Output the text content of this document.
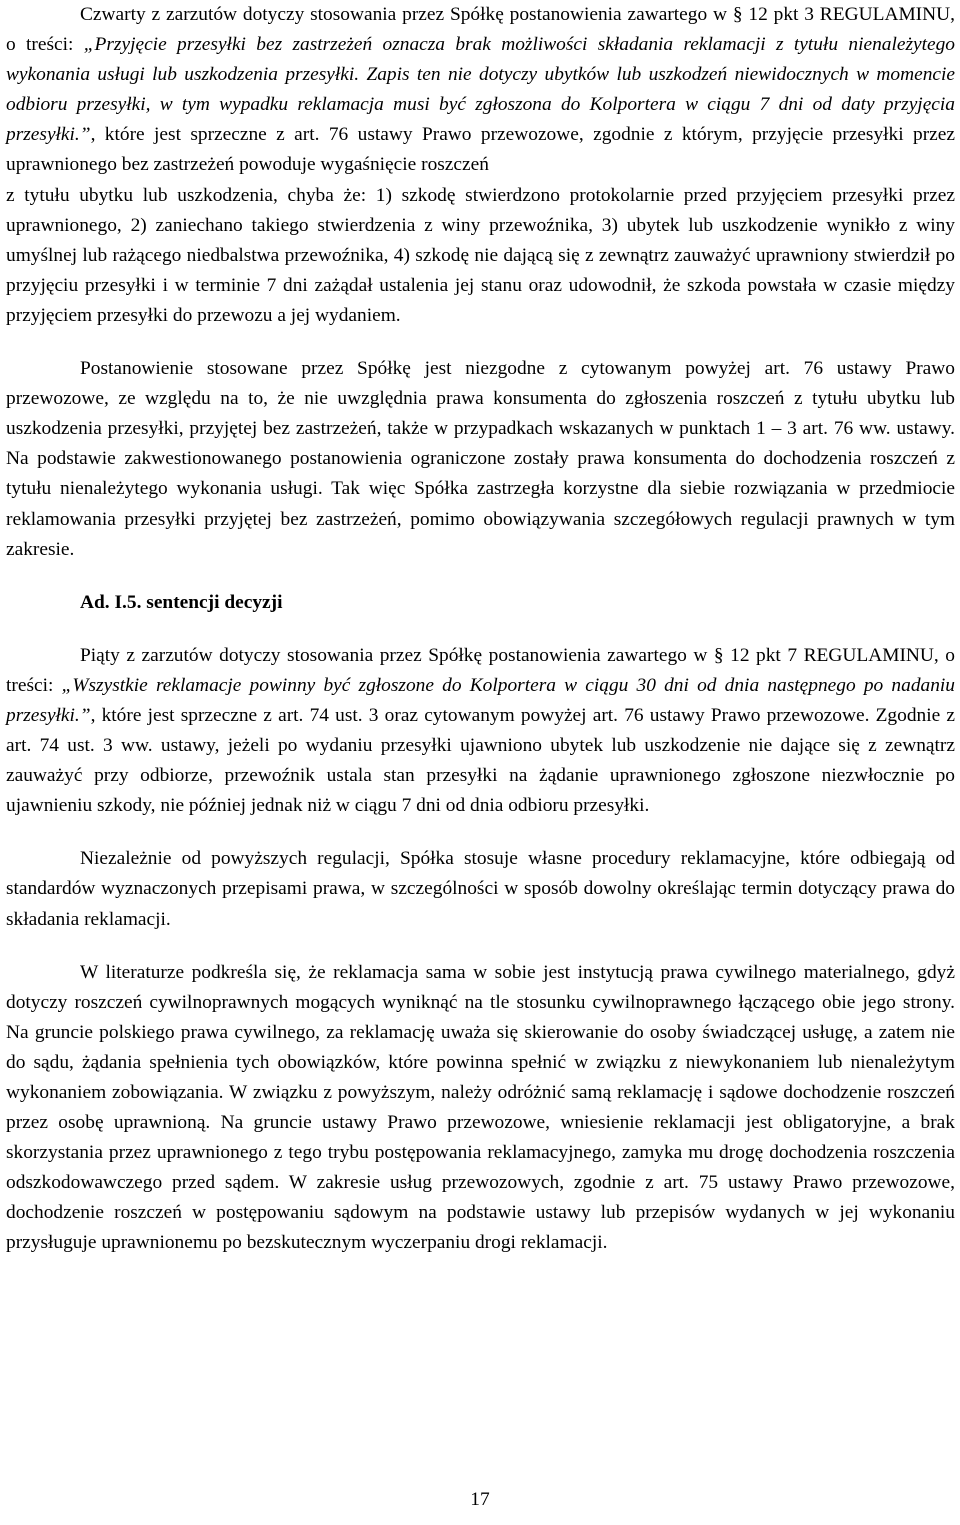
Czwarty z zarzutów dotyczy stosowania przez Spółkę postanowienia zawartego w § 12 pkt 3 REGULAMINU, o treści: „Przyjęcie przesyłki bez zastrzeżeń oznacza brak możliwości składania reklamacji z tytułu nienależytego wykonania usługi lub uszkodzenia przesyłki. Zapis ten nie dotyczy ubytków lub uszkodzeń niewidocznych w momencie odbioru przesyłki, w tym wypadku reklamacja musi być zgłoszona do Kolportera w ciągu 7 dni od daty przyjęcia przesyłki.”, które jest sprzeczne z art. 76 ustawy Prawo przewozowe, zgodnie z którym, przyjęcie przesyłki przez uprawnionego bez zastrzeżeń powoduje wygaśnięcie roszczeń

z tytułu ubytku lub uszkodzenia, chyba że: 1) szkodę stwierdzono protokolarnie przed przyjęciem przesyłki przez uprawnionego, 2) zaniechano takiego stwierdzenia z winy przewoźnika, 3) ubytek lub uszkodzenie wynikło z winy umyślnej lub rażącego niedbalstwa przewoźnika, 4) szkodę nie dającą się z zewnątrz zauważyć uprawniony stwierdził po przyjęciu przesyłki i w terminie 7 dni zażądał ustalenia jej stanu oraz udowodnił, że szkoda powstała w czasie między przyjęciem przesyłki do przewozu a jej wydaniem.

Postanowienie stosowane przez Spółkę jest niezgodne z cytowanym powyżej art. 76 ustawy Prawo przewozowe, ze względu na to, że nie uwzględnia prawa konsumenta do zgłoszenia roszczeń z tytułu ubytku lub uszkodzenia przesyłki, przyjętej bez zastrzeżeń, także w przypadkach wskazanych w punktach 1 – 3 art. 76 ww. ustawy. Na podstawie zakwestionowanego postanowienia ograniczone zostały prawa konsumenta do dochodzenia roszczeń z tytułu nienależytego wykonania usługi. Tak więc Spółka zastrzegła korzystne dla siebie rozwiązania w przedmiocie reklamowania przesyłki przyjętej bez zastrzeżeń, pomimo obowiązywania szczegółowych regulacji prawnych w tym zakresie.

Ad. I.5. sentencji decyzji

Piąty z zarzutów dotyczy stosowania przez Spółkę postanowienia zawartego w § 12 pkt 7 REGULAMINU, o treści: „Wszystkie reklamacje powinny być zgłoszone do Kolportera w ciągu 30 dni od dnia następnego po nadaniu przesyłki.”, które jest sprzeczne z art. 74 ust. 3 oraz cytowanym powyżej art. 76 ustawy Prawo przewozowe. Zgodnie z art. 74 ust. 3 ww. ustawy, jeżeli po wydaniu przesyłki ujawniono ubytek lub uszkodzenie nie dające się z zewnątrz zauważyć przy odbiorze, przewoźnik ustala stan przesyłki na żądanie uprawnionego zgłoszone niezwłocznie po ujawnieniu szkody, nie później jednak niż w ciągu 7 dni od dnia odbioru przesyłki.

Niezależnie od powyższych regulacji, Spółka stosuje własne procedury reklamacyjne, które odbiegają od standardów wyznaczonych przepisami prawa, w szczególności w sposób dowolny określając termin dotyczący prawa do składania reklamacji.

W literaturze podkreśla się, że reklamacja sama w sobie jest instytucją prawa cywilnego materialnego, gdyż dotyczy roszczeń cywilnoprawnych mogących wyniknąć na tle stosunku cywilnoprawnego łączącego obie jego strony. Na gruncie polskiego prawa cywilnego, za reklamację uważa się skierowanie do osoby świadczącej usługę, a zatem nie do sądu, żądania spełnienia tych obowiązków, które powinna spełnić w związku z niewykonaniem lub nienależytym wykonaniem zobowiązania. W związku z powyższym, należy odróżnić samą reklamację i sądowe dochodzenie roszczeń przez osobę uprawnioną. Na gruncie ustawy Prawo przewozowe, wniesienie reklamacji jest obligatoryjne, a brak skorzystania przez uprawnionego z tego trybu postępowania reklamacyjnego, zamyka mu drogę dochodzenia roszczenia odszkodowawczego przed sądem. W zakresie usług przewozowych, zgodnie z art. 75 ustawy Prawo przewozowe, dochodzenie roszczeń w postępowaniu sądowym na podstawie ustawy lub przepisów wydanych w jej wykonaniu przysługuje uprawnionemu po bezskutecznym wyczerpaniu drogi reklamacji.

17
